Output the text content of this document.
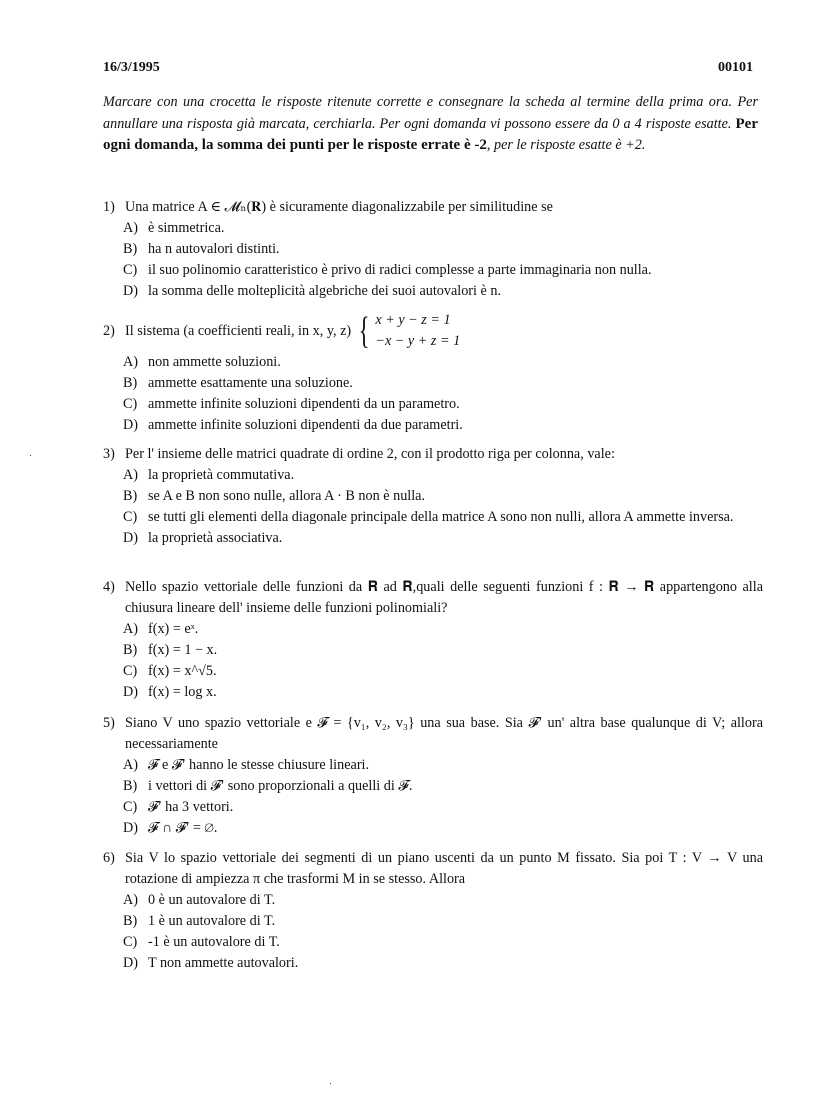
16/3/1995	00101
Marcare con una crocetta le risposte ritenute corrette e consegnare la scheda al termine della prima ora. Per annullare una risposta già marcata, cerchiarla. Per ogni domanda vi possono essere da 0 a 4 risposte esatte. Per ogni domanda, la somma dei punti per le risposte errate è -2, per le risposte esatte è +2.
1) Una matrice A ∈ 𝓜ₙ(𝐑) è sicuramente diagonalizzabile per similitudine se
A) è simmetrica.
B) ha n autovalori distinti.
C) il suo polinomio caratteristico è privo di radici complesse a parte immaginaria non nulla.
D) la somma delle molteplicità algebriche dei suoi autovalori è n.
2) Il sistema (a coefficienti reali, in x, y, z) { x + y − z = 1
−x − y + z = 1
A) non ammette soluzioni.
B) ammette esattamente una soluzione.
C) ammette infinite soluzioni dipendenti da un parametro.
D) ammette infinite soluzioni dipendenti da due parametri.
3) Per l' insieme delle matrici quadrate di ordine 2, con il prodotto riga per colonna, vale:
A) la proprietà commutativa.
B) se A e B non sono nulle, allora A · B non è nulla.
C) se tutti gli elementi della diagonale principale della matrice A sono non nulli, allora A ammette inversa.
D) la proprietà associativa.
4) Nello spazio vettoriale delle funzioni da 𝐑 ad 𝐑,quali delle seguenti funzioni f : 𝐑 → 𝐑 appartengono alla chiusura lineare dell' insieme delle funzioni polinomiali?
A) f(x) = eˣ.
B) f(x) = 1 − x.
C) f(x) = x^√5.
D) f(x) = log x.
5) Siano V uno spazio vettoriale e 𝓕 = {v₁, v₂, v₃} una sua base. Sia 𝓕′ un' altra base qualunque di V; allora necessariamente
A) 𝓕 e 𝓕′ hanno le stesse chiusure lineari.
B) i vettori di 𝓕′ sono proporzionali a quelli di 𝓕.
C) 𝓕′ ha 3 vettori.
D) 𝓕 ∩ 𝓕′ = ∅.
6) Sia V lo spazio vettoriale dei segmenti di un piano uscenti da un punto M fissato. Sia poi T : V → V una rotazione di ampiezza π che trasformi M in se stesso. Allora
A) 0 è un autovalore di T.
B) 1 è un autovalore di T.
C) -1 è un autovalore di T.
D) T non ammette autovalori.
